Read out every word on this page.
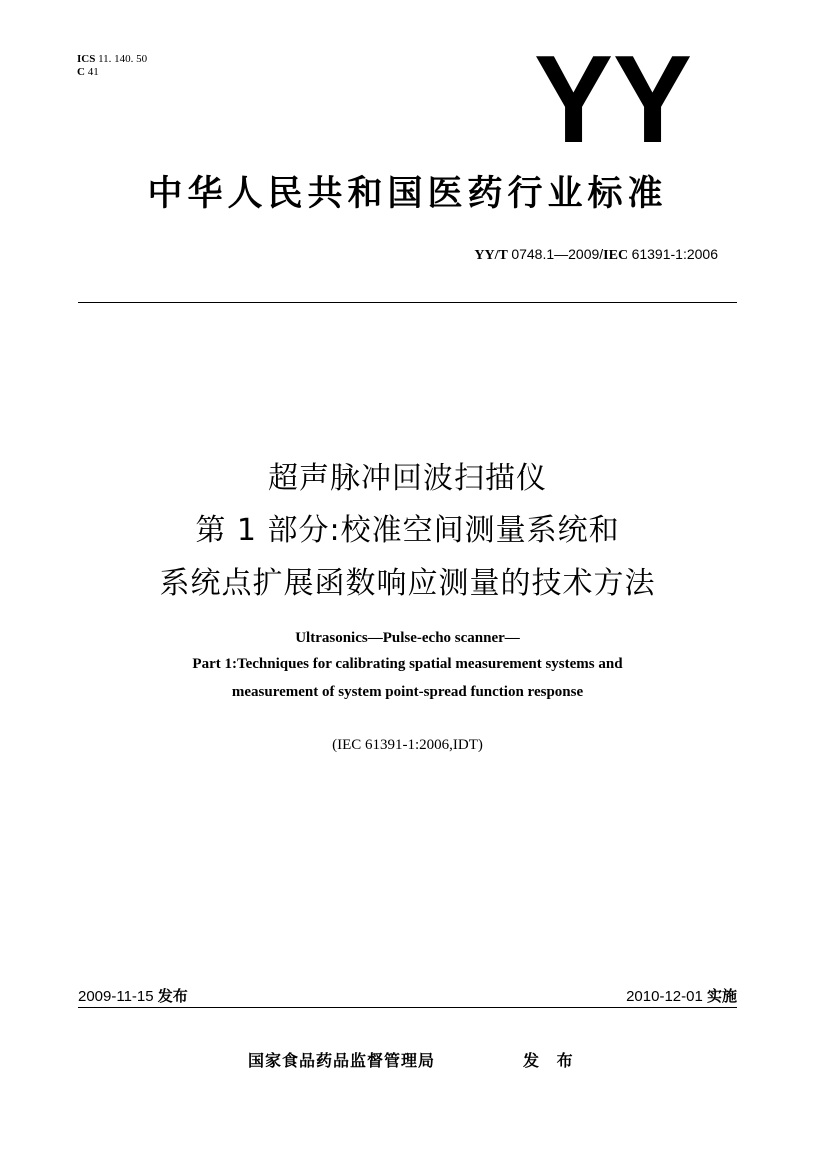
ICS 11. 140. 50
C 41	YY
中华人民共和国医药行业标准
YY/T 0748.1—2009/IEC 61391-1:2006
超声脉冲回波扫描仪
第 1 部分:校准空间测量系统和
系统点扩展函数响应测量的技术方法
Ultrasonics—Pulse-echo scanner—
Part 1:Techniques for calibrating spatial measurement systems and
measurement of system point-spread function response
(IEC 61391-1:2006,IDT)
2009-11-15 发布	2010-12-01 实施
国家食品药品监督管理局	发 布
